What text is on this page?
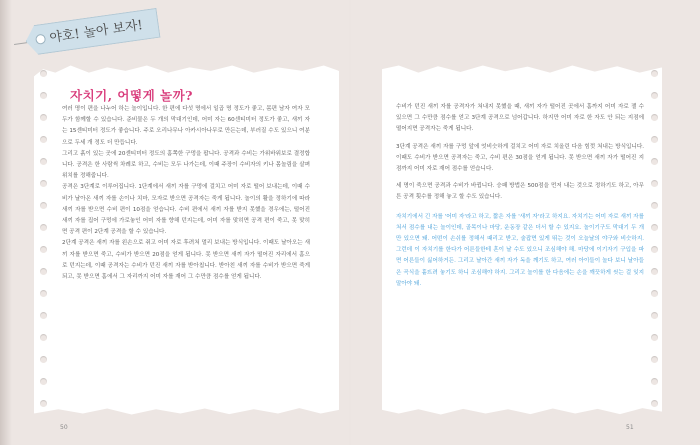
야호! 놀아 보자!
자치기, 어떻게 놀까?

여러 명이 편을 나누어 하는 놀이입니다. 한 편에 다섯 명에서 일곱 명 정도가 좋고, 몸편 남자 여자 모두가 함께할 수 있습니다. 준비물은 두 개의 막대기인데, 어미 자는 60센티미터 정도가 좋고, 새끼 자는 15센티미터 정도가 좋습니다. 주로 오리나무나 아카시아나무로 만든는데, 부러질 수도 있으니 여분으로 두세 개 정도 더 만듭니다.

그리고 흙이 있는 곳에 20센티미터 정도의 홈쪽한 구멍을 팝니다. 공격과 수비는 가위바위보로 결정합니다. 공격은 한 사람씩 차례로 하고, 수비는 모두 나가는데, 이때 주장이 수비자의 키나 몸놀림을 살펴 위치를 정해줍니다.

공격은 3단계로 이루어집니다. 1단계에서 새끼 자를 구멍에 걸치고 어미 자로 떨어 보내는데, 이때 수비가 날아온 새끼 자를 손이나 치마, 모자로 받으면 공격자는 죽게 됩니다. 놀이의 활을 정하기에 따라 새끼 자를 받으면 수비 편이 10점을 얻습니다. 수비 편에서 새끼 자를 받지 못했을 경우에는, 떨어진 새끼 자를 집어 구멍에 가로놓인 어미 자를 향해 던지는데, 어미 자를 맞히면 공격 편이 죽고, 못 맞히면 공격 편이 2단계 공격을 할 수 있습니다.

2단계 공격은 새끼 자를 왼손으로 쥐고 어미 자로 후려쳐 멀리 보내는 방식입니다. 이때도 날아오는 새끼 자를 받으면 죽고, 수비가 받으면 20점을 얻게 됩니다. 못 받으면 새끼 자가 떨어진 자리에서 홈으로 던지는데, 이때 공격자는 수비가 던진 새끼 자를 받아칩니다. 받아친 새끼 자를 수비가 받으면 죽게 되고, 못 받으면 홈에서 그 자리까지 어미 자를 재어 그 수만큼 점수를 얻게 됩니다.

수비가 던진 새끼 자를 공격자가 쳐내지 못했을 때, 새끼 자가 떨어진 곳에서 홈까지 어미 자로 잴 수 있으면 그 수만큼 점수를 얻고 3단계 공격으로 넘어갑니다. 하지만 어미 자로 한 자도 안 되는 지점에 떨어지면 공격자는 죽게 됩니다.

3단계 공격은 새끼 자를 구멍 앞에 엇비슷하게 걸치고 어미 자로 치올린 다음 힘껏 쳐내는 방식입니다. 이때도 수비가 받으면 공격자는 죽고, 수비 편은 30점을 얻게 됩니다. 못 받으면 새끼 자가 떨어진 지점까지 어미 자로 재어 점수를 얻습니다.

세 명이 죽으면 공격과 수비가 바뀝니다. 승패 방법은 500점을 먼저 내는 것으로 정하기도 하고, 아무튼 공격 횟수를 정해 놓고 할 수도 있습니다.

자치기에서 긴 자를 '어미 자'라고 하고, 짧은 자를 '새끼 자'라고 하지요. 자치기는 어미 자로 새끼 자를 쳐서 점수를 내는 놀이인데, 골목이나 마당, 운동장 같은 더서 할 수 있지요. 놀이기구도 막대기 두 개만 있으면 돼. 어떤이 손쉬를 정해서 때리고 받고, 술잡면 있게 뛰는 것이 오늘날의 야구와 비슷하지. 그런데 이 자치기를 한다가 어른들한테 혼이 날 수도 있으니 조심해야 해. 마당에 이기자기 구입을 파면 어른들이 싫어하거든. 그리고 날아간 새끼 자가 독을 깨기도 하고, 여러 아이들이 놀다 보니 날아들은 곡식을 흩뜨려 놓기도 하니 조심해야 하지. 그리고 놀이를 한 다음에는 손을 깨끗하게 씻는 걸 잊지 말아야 돼.

50	51
